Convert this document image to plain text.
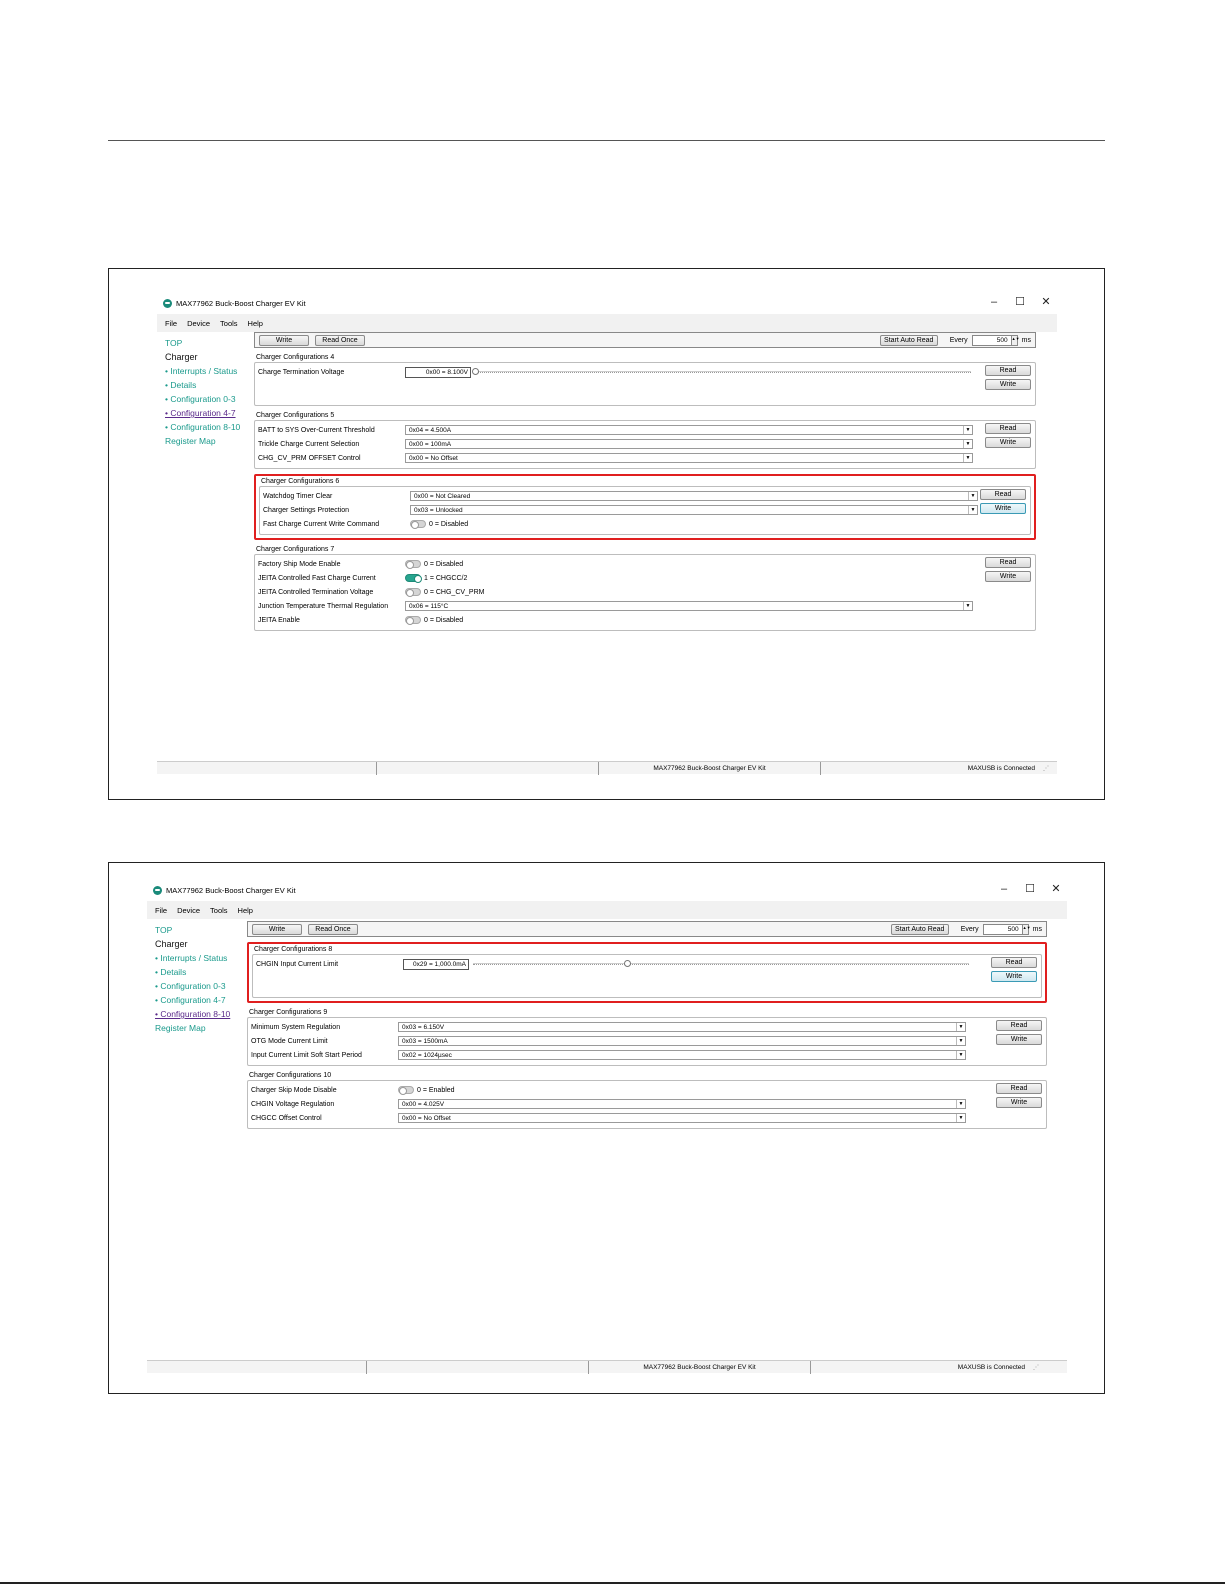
MAX77962 Buck-Boost Charger EV Kit	– ☐ ✕
File Device Tools Help
TOP
Charger
• Interrupts / Status
• Details
• Configuration 0-3
• Configuration 4-7
• Configuration 8-10
Register Map
Write	Read Once	Start Auto Read	Every	500	▲▼ ms
Charger Configurations 4
Charge Termination Voltage	0x00 = 8.100V	Read
Write
Charger Configurations 5
BATT to SYS Over-Current Threshold	0x04 = 4.500A	▼
Trickle Charge Current Selection	0x00 = 100mA	▼
CHG_CV_PRM OFFSET Control	0x00 = No Offset	▼
Read
Write
Charger Configurations 6
Watchdog Timer Clear	0x00 = Not Cleared	▼
Charger Settings Protection	0x03 = Unlocked	▼
Fast Charge Current Write Command	0 = Disabled
Read
Write
Charger Configurations 7
Factory Ship Mode Enable	0 = Disabled
JEITA Controlled Fast Charge Current	1 = CHGCC/2
JEITA Controlled Termination Voltage	0 = CHG_CV_PRM
Junction Temperature Thermal Regulation	0x06 = 115°C	▼
JEITA Enable	0 = Disabled
Read
Write
MAX77962 Buck-Boost Charger EV Kit	MAXUSB is Connected	⋰
MAX77962 Buck-Boost Charger EV Kit	– ☐ ✕
File Device Tools Help
TOP
Charger
• Interrupts / Status
• Details
• Configuration 0-3
• Configuration 4-7
• Configuration 8-10
Register Map
Write	Read Once	Start Auto Read	Every	500	▲▼ ms
Charger Configurations 8
CHGIN Input Current Limit	0x29 = 1,000.0mA	Read
Write
Charger Configurations 9
Minimum System Regulation	0x03 = 6.150V	▼
OTG Mode Current Limit	0x03 = 1500mA	▼
Input Current Limit Soft Start Period	0x02 = 1024µsec	▼
Read
Write
Charger Configurations 10
Charger Skip Mode Disable	0 = Enabled
CHGIN Voltage Regulation	0x00 = 4.025V	▼
CHGCC Offset Control	0x00 = No Offset	▼
Read
Write
MAX77962 Buck-Boost Charger EV Kit	MAXUSB is Connected	⋰
